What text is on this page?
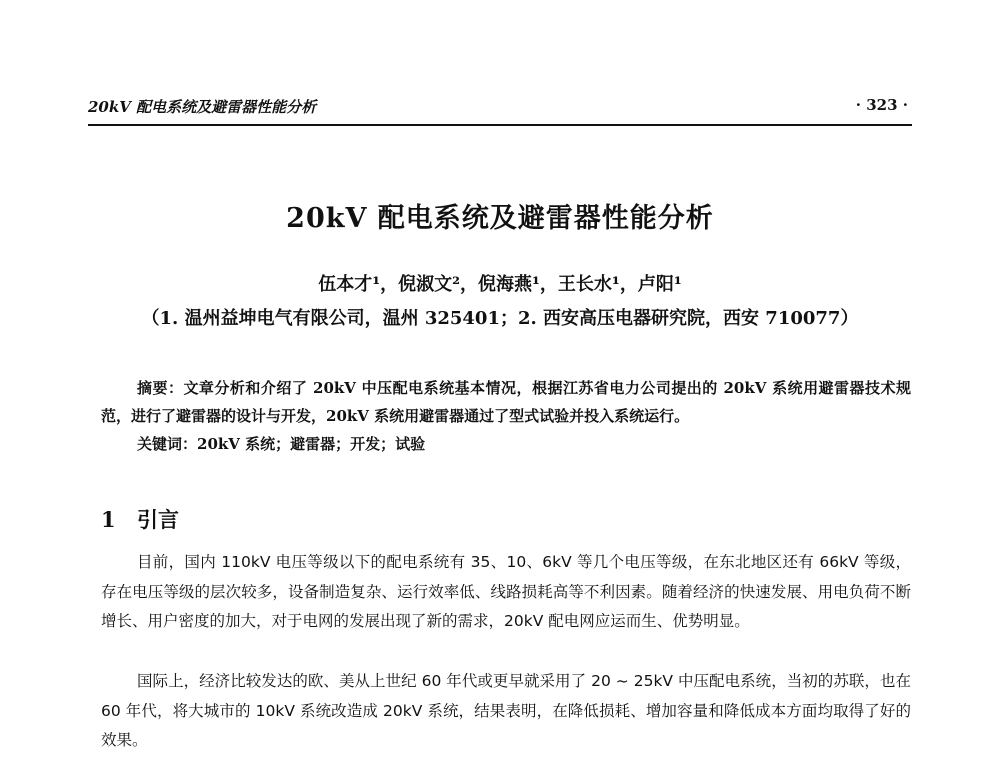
20kV 配电系统及避雷器性能分析	· 323 ·
20kV 配电系统及避雷器性能分析
伍本才¹，倪淑文²，倪海燕¹，王长水¹，卢阳¹
（1. 温州益坤电气有限公司，温州 325401；2. 西安高压电器研究院，西安 710077）
摘要：文章分析和介绍了 20kV 中压配电系统基本情况，根据江苏省电力公司提出的 20kV 系统用避雷器技术规范，进行了避雷器的设计与开发，20kV 系统用避雷器通过了型式试验并投入系统运行。
关键词：20kV 系统；避雷器；开发；试验
1 引言
目前，国内 110kV 电压等级以下的配电系统有 35、10、6kV 等几个电压等级，在东北地区还有 66kV 等级，存在电压等级的层次较多，设备制造复杂、运行效率低、线路损耗高等不利因素。随着经济的快速发展、用电负荷不断增长、用户密度的加大，对于电网的发展出现了新的需求，20kV 配电网应运而生、优势明显。
国际上，经济比较发达的欧、美从上世纪 60 年代或更早就采用了 20 ~ 25kV 中压配电系统，当初的苏联，也在 60 年代，将大城市的 10kV 系统改造成 20kV 系统，结果表明，在降低损耗、增加容量和降低成本方面均取得了好的效果。
